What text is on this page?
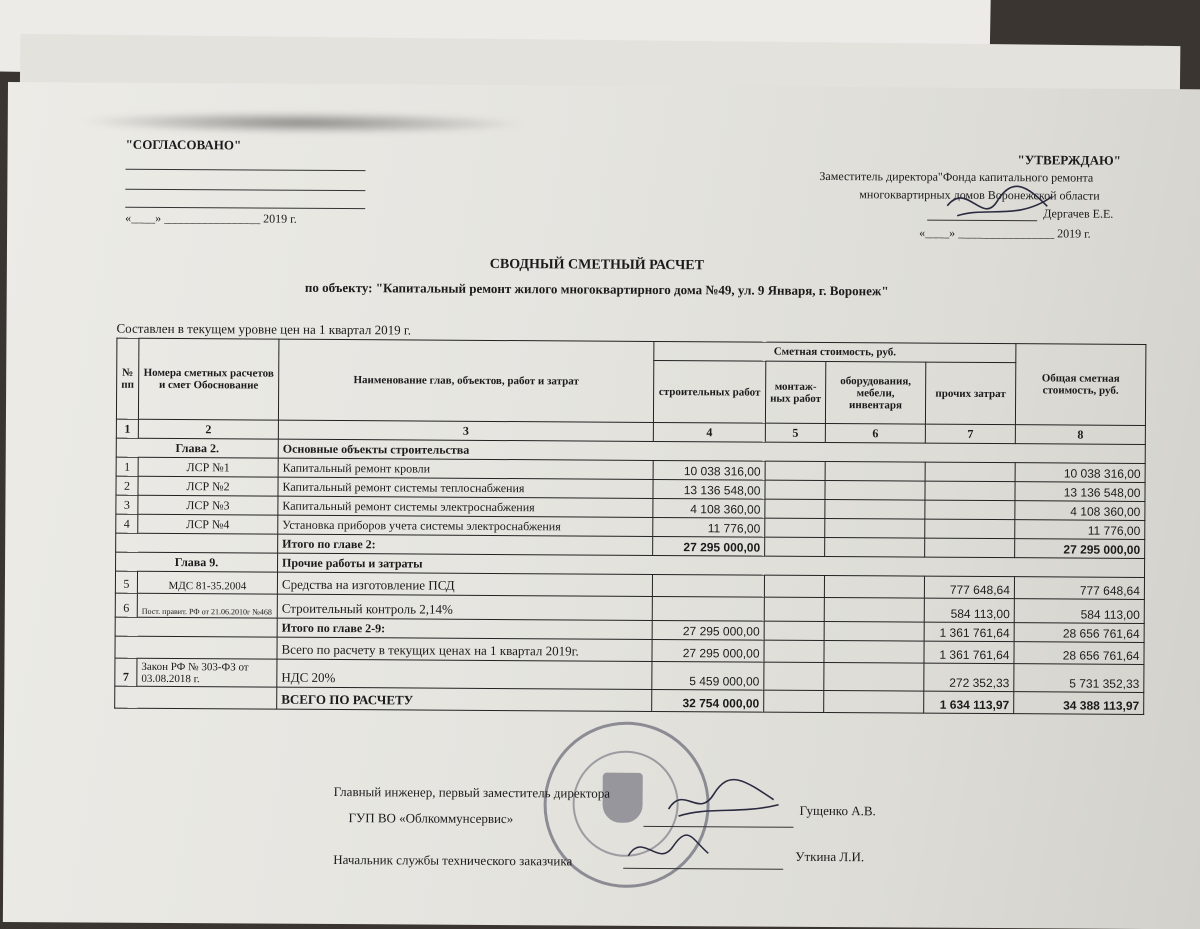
"СОГЛАСОВАНО"
«____» ________________ 2019 г.
"УТВЕРЖДАЮ"
Заместитель директора"Фонда капитального ремонта
многоквартирных домов Воронежской области
Дергачев Е.Е.
«____» ________________ 2019 г.
СВОДНЫЙ СМЕТНЫЙ РАСЧЕТ
по объекту: "Капитальный ремонт жилого многоквартирного дома №49, ул. 9 Января, г. Воронеж"
Составлен в текущем уровне цен на 1 квартал 2019 г.
№ пп	Номера сметных расчетов и смет Обоснование	Наименование глав, объектов, работ и затрат	Сметная стоимость, руб.				Общая сметная стоимость, руб.
			строительных работ	монтаж-ных работ	оборудования, мебели, инвентаря	прочих затрат	
1	2	3	4	5	6	7	8
Глава 2.		Основные объекты строительства					
1	ЛСР №1	Капитальный ремонт кровли	10 038 316,00				10 038 316,00
2	ЛСР №2	Капитальный ремонт системы теплоснабжения	13 136 548,00				13 136 548,00
3	ЛСР №3	Капитальный ремонт системы электроснабжения	4 108 360,00				4 108 360,00
4	ЛСР №4	Установка приборов учета системы электроснабжения	11 776,00				11 776,00
		Итого по главе 2:	27 295 000,00				27 295 000,00
Глава 9.		Прочие работы и затраты					
5	МДС 81-35.2004	Средства на изготовление ПСД				777 648,64	777 648,64
6	Пост. правит. РФ от 21.06.2010г №468	Строительный контроль 2,14%				584 113,00	584 113,00
		Итого по главе 2-9:	27 295 000,00			1 361 761,64	28 656 761,64
		Всего по расчету в текущих ценах на 1 квартал 2019г.	27 295 000,00			1 361 761,64	28 656 761,64
7	Закон РФ № 303-ФЗ от 03.08.2018 г.	НДС 20%	5 459 000,00			272 352,33	5 731 352,33
		ВСЕГО ПО РАСЧЕТУ	32 754 000,00			1 634 113,97	34 388 113,97
Главный инженер, первый заместитель директора
ГУП ВО «Облкоммунсервис»	Гущенко А.В.
Начальник службы технического заказчика	Уткина Л.И.
